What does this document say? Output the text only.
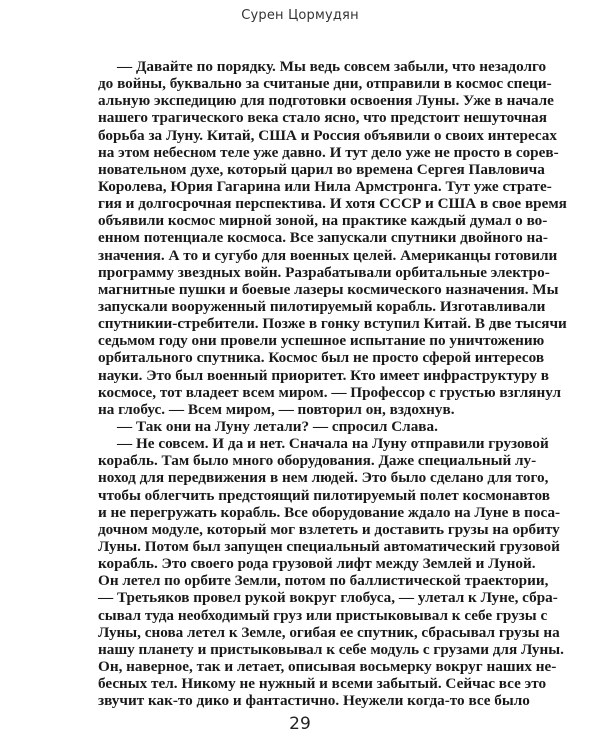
Сурен Цормудян
— Давайте по порядку. Мы ведь совсем забыли, что незадолго
до войны, буквально за считаные дни, отправили в космос специ-
альную экспедицию для подготовки освоения Луны. Уже в начале
нашего трагического века стало ясно, что предстоит нешуточная
борьба за Луну. Китай, США и Россия объявили о своих интересах
на этом небесном теле уже давно. И тут дело уже не просто в сорев-
новательном духе, который царил во времена Сергея Павловича
Королева, Юрия Гагарина или Нила Армстронга. Тут уже страте-
гия и долгосрочная перспектива. И хотя СССР и США в свое время
объявили космос мирной зоной, на практике каждый думал о во-
енном потенциале космоса. Все запускали спутники двойного на-
значения. А то и сугубо для военных целей. Американцы готовили
программу звездных войн. Разрабатывали орбитальные электро-
магнитные пушки и боевые лазеры космического назначения. Мы
запускали вооруженный пилотируемый корабль. Изготавливали
спутникии-стребители. Позже в гонку вступил Китай. В две тысячи
седьмом году они провели успешное испытание по уничтожению
орбитального спутника. Космос был не просто сферой интересов
науки. Это был военный приоритет. Кто имеет инфраструктуру в
космосе, тот владеет всем миром. — Профессор с грустью взглянул
на глобус. — Всем миром, — повторил он, вздохнув.
— Так они на Луну летали? — спросил Слава.
— Не совсем. И да и нет. Сначала на Луну отправили грузовой
корабль. Там было много оборудования. Даже специальный лу-
ноход для передвижения в нем людей. Это было сделано для того,
чтобы облегчить предстоящий пилотируемый полет космонавтов
и не перегружать корабль. Все оборудование ждало на Луне в поса-
дочном модуле, который мог взлететь и доставить грузы на орбиту
Луны. Потом был запущен специальный автоматический грузовой
корабль. Это своего рода грузовой лифт между Землей и Луной.
Он летел по орбите Земли, потом по баллистической траектории,
— Третьяков провел рукой вокруг глобуса, — улетал к Луне, сбра-
сывал туда необходимый груз или пристыковывал к себе грузы с
Луны, снова летел к Земле, огибая ее спутник, сбрасывал грузы на
нашу планету и пристыковывал к себе модуль с грузами для Луны.
Он, наверное, так и летает, описывая восьмерку вокруг наших не-
бесных тел. Никому не нужный и всеми забытый. Сейчас все это
звучит как-то дико и фантастично. Неужели когда-то все было
29
